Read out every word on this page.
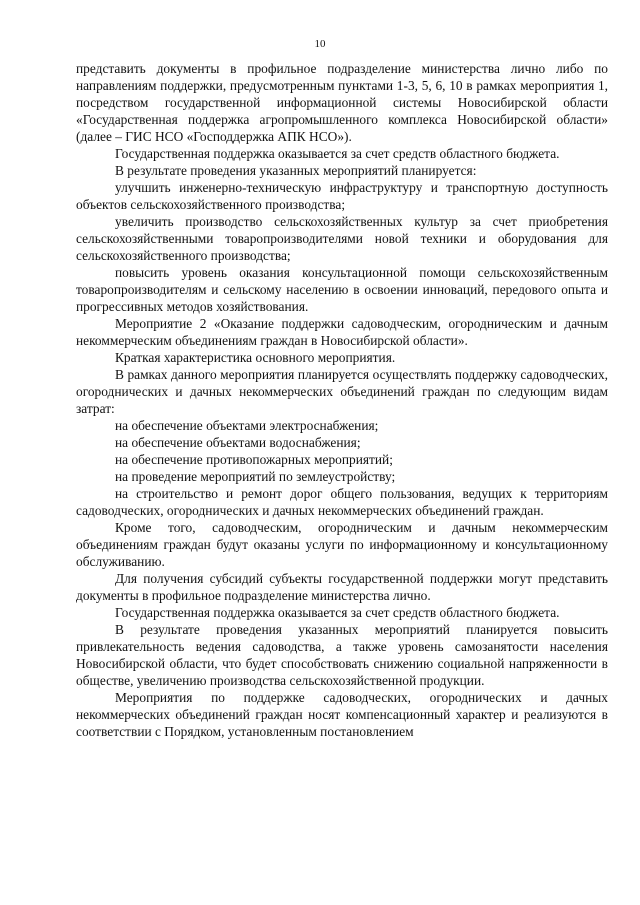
10

представить документы в профильное подразделение министерства лично либо по направлениям поддержки, предусмотренным пунктами 1-3, 5, 6, 10 в рамках мероприятия 1, посредством государственной информационной системы Новосибирской области «Государственная поддержка агропромышленного комплекса Новосибирской области» (далее – ГИС НСО «Господдержка АПК НСО»).

Государственная поддержка оказывается за счет средств областного бюджета.

В результате проведения указанных мероприятий планируется:

улучшить инженерно-техническую инфраструктуру и транспортную доступность объектов сельскохозяйственного производства;

увеличить производство сельскохозяйственных культур за счет приобретения сельскохозяйственными товаропроизводителями новой техники и оборудования для сельскохозяйственного производства;

повысить уровень оказания консультационной помощи сельскохозяйственным товаропроизводителям и сельскому населению в освоении инноваций, передового опыта и прогрессивных методов хозяйствования.

Мероприятие 2 «Оказание поддержки садоводческим, огородническим и дачным некоммерческим объединениям граждан в Новосибирской области».

Краткая характеристика основного мероприятия.

В рамках данного мероприятия планируется осуществлять поддержку садоводческих, огороднических и дачных некоммерческих объединений граждан по следующим видам затрат:

на обеспечение объектами электроснабжения;

на обеспечение объектами водоснабжения;

на обеспечение противопожарных мероприятий;

на проведение мероприятий по землеустройству;

на строительство и ремонт дорог общего пользования, ведущих к территориям садоводческих, огороднических и дачных некоммерческих объединений граждан.

Кроме того, садоводческим, огородническим и дачным некоммерческим объединениям граждан будут оказаны услуги по информационному и консультационному обслуживанию.

Для получения субсидий субъекты государственной поддержки могут представить документы в профильное подразделение министерства лично.

Государственная поддержка оказывается за счет средств областного бюджета.

В результате проведения указанных мероприятий планируется повысить привлекательность ведения садоводства, а также уровень самозанятости населения Новосибирской области, что будет способствовать снижению социальной напряженности в обществе, увеличению производства сельскохозяйственной продукции.

Мероприятия по поддержке садоводческих, огороднических и дачных некоммерческих объединений граждан носят компенсационный характер и реализуются в соответствии с Порядком, установленным постановлением
